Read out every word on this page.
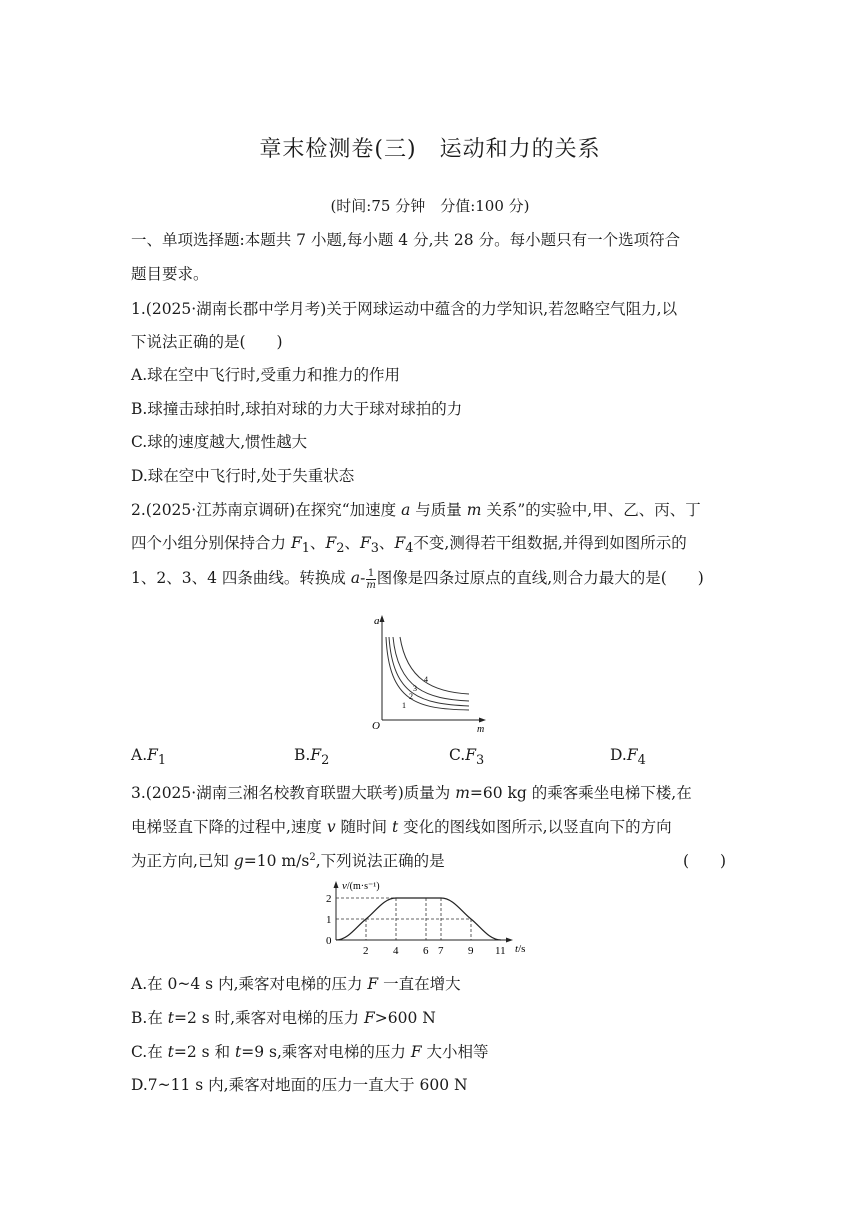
章末检测卷(三)　运动和力的关系
(时间:75 分钟　分值:100 分)
一、单项选择题:本题共 7 小题,每小题 4 分,共 28 分。每小题只有一个选项符合
题目要求。
1.(2025·湖南长郡中学月考)关于网球运动中蕴含的力学知识,若忽略空气阻力,以
下说法正确的是(　　)
A.球在空中飞行时,受重力和推力的作用
B.球撞击球拍时,球拍对球的力大于球对球拍的力
C.球的速度越大,惯性越大
D.球在空中飞行时,处于失重状态
2.(2025·江苏南京调研)在探究“加速度 a 与质量 m 关系”的实验中,甲、乙、丙、丁
四个小组分别保持合力 $F_1$、$F_2$、$F_3$、$F_4$不变,测得若干组数据,并得到如图所示的
1、2、3、4 四条曲线。转换成 $a- \frac{1}{m}$ 图像是四条过原点的直线,则合力最大的是(　　)
a
m
O
1
2
3
4
$A.F_1$	$B.F_2$	$C.F_3$	$D.F_4$
3.(2025·湖南三湘名校教育联盟大联考)质量为 m=60 kg 的乘客乘坐电梯下楼,在
电梯竖直下降的过程中,速度 v 随时间 t 变化的图线如图所示,以竖直向下的方向
为正方向,已知 g=10 $m/s^2$,下列说法正确的是	(　　)
v/(m·s⁻¹)
t/s
0
1
2
2 4 6 7 9 11
A.在 0~4 s 内,乘客对电梯的压力 F 一直在增大
B.在 t=2 s 时,乘客对电梯的压力 F>600 N
C.在 t=2 s 和 t=9 s,乘客对电梯的压力 F 大小相等
D.7~11 s 内,乘客对地面的压力一直大于 600 N
